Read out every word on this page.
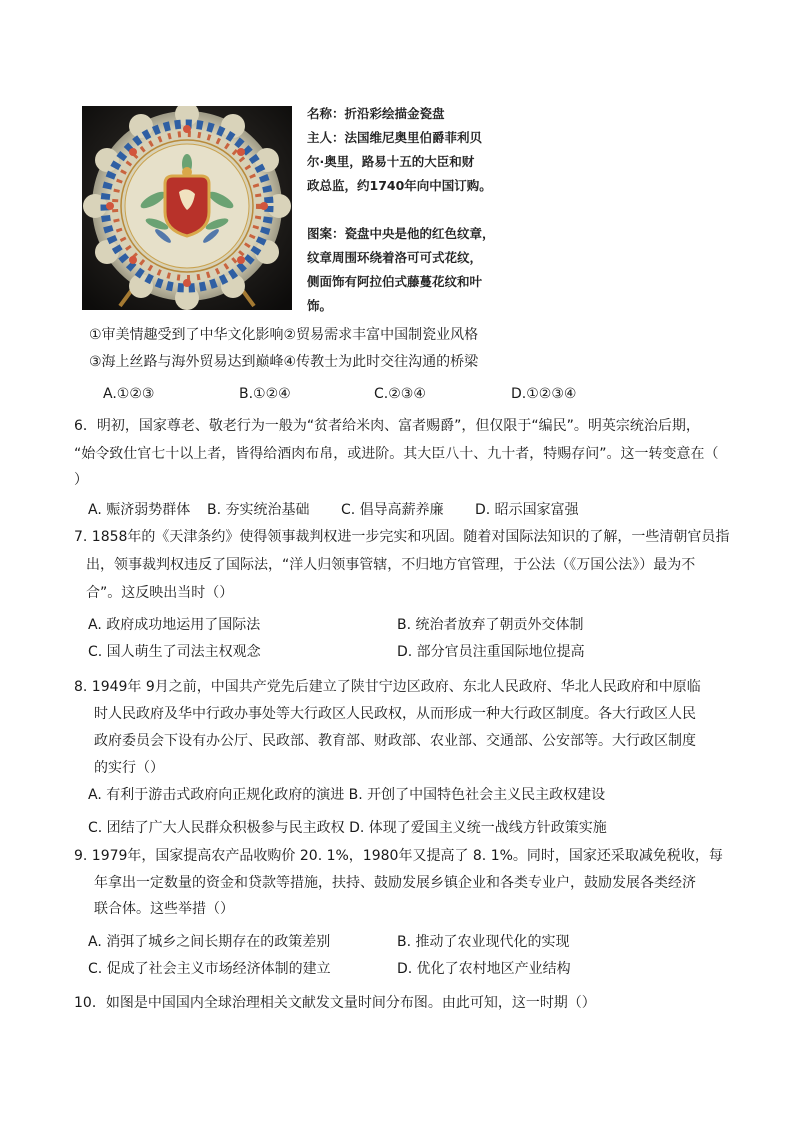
名称：折沿彩绘描金瓷盘
主人：法国维尼奥里伯爵菲利贝
尔·奥里，路易十五的大臣和财
政总监，约1740年向中国订购。
图案：瓷盘中央是他的红色纹章，
纹章周围环绕着洛可可式花纹，
侧面饰有阿拉伯式藤蔓花纹和叶
饰。
①审美情趣受到了中华文化影响②贸易需求丰富中国制瓷业风格
③海上丝路与海外贸易达到巅峰④传教士为此时交往沟通的桥梁
A.①②③	B.①②④	C.②③④	D.①②③④
6．明初，国家尊老、敬老行为一般为“贫者给米肉、富者赐爵”，但仅限于“编民”。明英宗统治后期，
“始令致仕官七十以上者，皆得给酒肉布帛，或进阶。其大臣八十、九十者，特赐存问”。这一转变意在（
）
A. 赈济弱势群体 B. 夯实统治基础 C. 倡导高薪养廉 D. 昭示国家富强
7. 1858年的《天津条约》使得领事裁判权进一步完实和巩固。随着对国际法知识的了解，一些清朝官员指
出，领事裁判权违反了国际法，“洋人归领事管辖，不归地方官管理，于公法（《万国公法》）最为不
合”。这反映出当时（）
A. 政府成功地运用了国际法	B. 统治者放弃了朝贡外交体制
C. 国人萌生了司法主权观念	D. 部分官员注重国际地位提高
8. 1949年 9月之前，中国共产党先后建立了陕甘宁边区政府、东北人民政府、华北人民政府和中原临
时人民政府及华中行政办事处等大行政区人民政权，从而形成一种大行政区制度。各大行政区人民
政府委员会下设有办公厅、民政部、教育部、财政部、农业部、交通部、公安部等。大行政区制度
的实行（）
A. 有利于游击式政府向正规化政府的演进 B. 开创了中国特色社会主义民主政权建设
C. 团结了广大人民群众积极参与民主政权 D. 体现了爱国主义统一战线方针政策实施
9. 1979年，国家提高农产品收购价 20. 1%，1980年又提高了 8. 1%。同时，国家还采取减免税收，每
年拿出一定数量的资金和贷款等措施，扶持、鼓励发展乡镇企业和各类专业户，鼓励发展各类经济
联合体。这些举措（）
A. 消弭了城乡之间长期存在的政策差别	B. 推动了农业现代化的实现
C. 促成了社会主义市场经济体制的建立	D. 优化了农村地区产业结构
10．如图是中国国内全球治理相关文献发文量时间分布图。由此可知，这一时期（）
